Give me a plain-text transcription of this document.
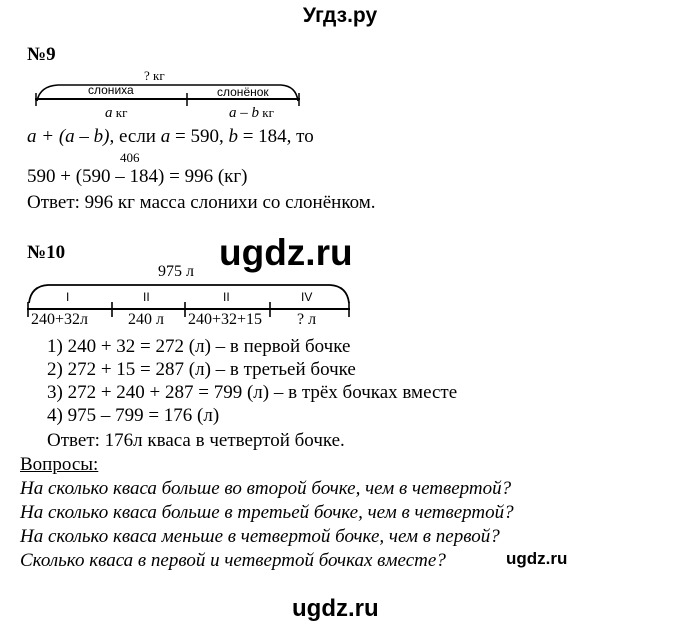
Угдз.ру
№9
? кг
слониха	слонёнок
a кг	a – b кг
a + (a – b), если a = 590, b = 184, то
406
590 + (590 – 184) = 996 (кг)
Ответ: 996 кг масса слонихи со слонёнком.
ugdz.ru
№10
975 л
I	II	II	IV
240+32л 240 л 240+32+15 ? л
1) 240 + 32 = 272 (л) – в первой бочке
2) 272 + 15 = 287 (л) – в третьей бочке
3) 272 + 240 + 287 = 799 (л) – в трёх бочках вместе
4) 975 – 799 = 176 (л)
Ответ: 176л кваса в четвертой бочке.
Вопросы:
На сколько кваса больше во второй бочке, чем в четвертой?
На сколько кваса больше в третьей бочке, чем в четвертой?
На сколько кваса меньше в четвертой бочке, чем в первой?
Сколько кваса в первой и четвертой бочках вместе?	ugdz.ru
ugdz.ru
